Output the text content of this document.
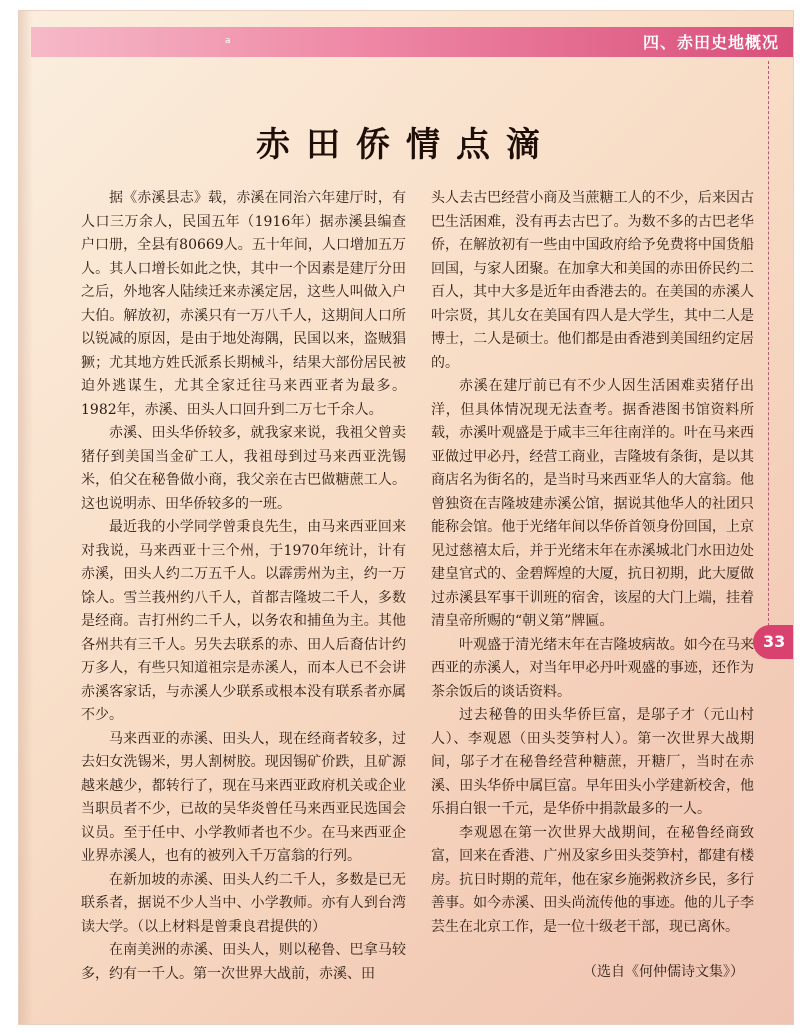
a	四、赤田史地概况
33
赤田侨情点滴

据《赤溪县志》载，赤溪在同治六年建厅时，有人口三万余人，民国五年（1916年）据赤溪县编查户口册，全县有80669人。五十年间，人口增加五万人。其人口增长如此之快，其中一个因素是建厅分田之后，外地客人陆续迁来赤溪定居，这些人叫做入户大伯。解放初，赤溪只有一万八千人，这期间人口所以锐减的原因，是由于地处海隅，民国以来，盗贼猖獗；尤其地方姓氏派系长期械斗，结果大部份居民被迫外逃谋生，尤其全家迁往马来西亚者为最多。1982年，赤溪、田头人口回升到二万七千余人。

赤溪、田头华侨较多，就我家来说，我祖父曾卖猪仔到美国当金矿工人，我祖母到过马来西亚洗锡米，伯父在秘鲁做小商，我父亲在古巴做糖蔗工人。这也说明赤、田华侨较多的一班。

最近我的小学同学曾秉良先生，由马来西亚回来对我说，马来西亚十三个州，于1970年统计，计有赤溪，田头人约二万五千人。以霹雳州为主，约一万馀人。雪兰莪州约八千人，首都吉隆坡二千人，多数是经商。吉打州约二千人，以务农和捕鱼为主。其他各州共有三千人。另失去联系的赤、田人后裔估计约万多人，有些只知道祖宗是赤溪人，而本人已不会讲赤溪客家话，与赤溪人少联系或根本没有联系者亦属不少。

马来西亚的赤溪、田头人，现在经商者较多，过去妇女洗锡米，男人割树胶。现因锡矿价跌，且矿源越来越少，都转行了，现在马来西亚政府机关或企业当职员者不少，已故的吴华炎曾任马来西亚民选国会议员。至于任中、小学教师者也不少。在马来西亚企业界赤溪人，也有的被列入千万富翁的行列。

在新加坡的赤溪、田头人约二千人，多数是已无联系者，据说不少人当中、小学教师。亦有人到台湾读大学。（以上材料是曾秉良君提供的）

在南美洲的赤溪、田头人，则以秘鲁、巴拿马较多，约有一千人。第一次世界大战前，赤溪、田

头人去古巴经营小商及当蔗糖工人的不少，后来因古巴生活困难，没有再去古巴了。为数不多的古巴老华侨，在解放初有一些由中国政府给予免费将中国货船回国，与家人团聚。在加拿大和美国的赤田侨民约二百人，其中大多是近年由香港去的。在美国的赤溪人叶宗贤，其儿女在美国有四人是大学生，其中二人是博士，二人是硕士。他们都是由香港到美国纽约定居的。

赤溪在建厅前已有不少人因生活困难卖猪仔出洋，但具体情况现无法查考。据香港图书馆资料所载，赤溪叶观盛是于咸丰三年往南洋的。叶在马来西亚做过甲必丹，经营工商业，吉隆坡有条街，是以其商店名为街名的，是当时马来西亚华人的大富翁。他曾独资在吉隆坡建赤溪公馆，据说其他华人的社团只能称会馆。他于光绪年间以华侨首领身份回国，上京见过慈禧太后，并于光绪末年在赤溪城北门水田边处建皇官式的、金碧辉煌的大厦，抗日初期，此大厦做过赤溪县军事干训班的宿舍，该屋的大门上端，挂着清皇帝所赐的“朝义第”牌匾。

叶观盛于清光绪末年在吉隆坡病故。如今在马来西亚的赤溪人，对当年甲必丹叶观盛的事迹，还作为茶余饭后的谈话资料。

过去秘鲁的田头华侨巨富，是邬子才（元山村人）、李观恩（田头茭笋村人）。第一次世界大战期间，邬子才在秘鲁经营种糖蔗，开糖厂，当时在赤溪、田头华侨中属巨富。早年田头小学建新校舍，他乐捐白银一千元，是华侨中捐款最多的一人。

李观恩在第一次世界大战期间，在秘鲁经商致富，回来在香港、广州及家乡田头茭笋村，都建有楼房。抗日时期的荒年，他在家乡施粥救济乡民，多行善事。如今赤溪、田头尚流传他的事迹。他的儿子李芸生在北京工作，是一位十级老干部，现已离休。

（选自《何仲儒诗文集》）
